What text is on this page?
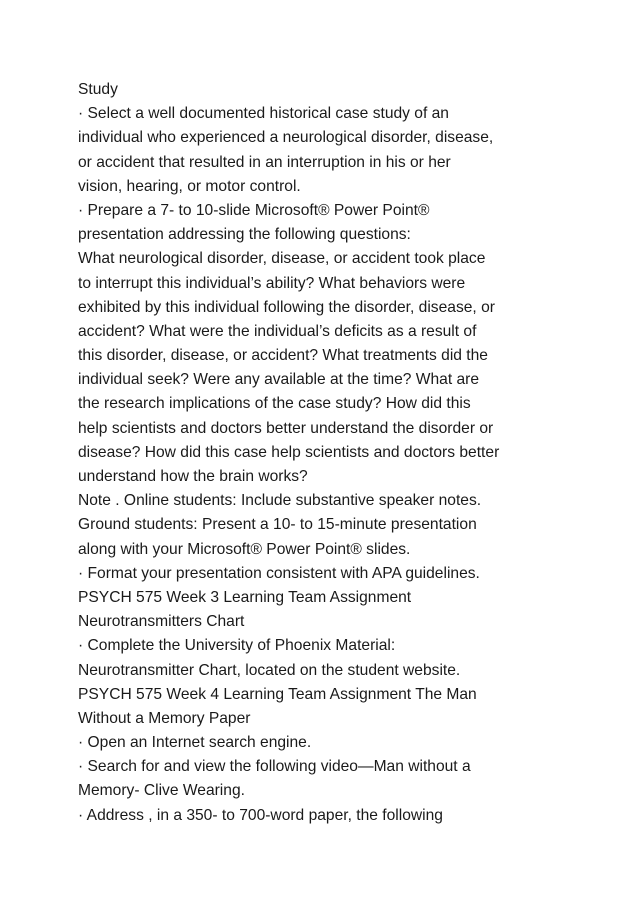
Study
· Select a well documented historical case study of an
individual who experienced a neurological disorder, disease,
or accident that resulted in an interruption in his or her
vision, hearing, or motor control.
· Prepare a 7- to 10-slide Microsoft® Power Point®
presentation addressing the following questions:
What neurological disorder, disease, or accident took place
to interrupt this individual’s ability? What behaviors were
exhibited by this individual following the disorder, disease, or
accident? What were the individual’s deficits as a result of
this disorder, disease, or accident? What treatments did the
individual seek? Were any available at the time? What are
the research implications of the case study? How did this
help scientists and doctors better understand the disorder or
disease? How did this case help scientists and doctors better
understand how the brain works?
Note . Online students: Include substantive speaker notes.
Ground students: Present a 10- to 15-minute presentation
along with your Microsoft® Power Point® slides.
· Format your presentation consistent with APA guidelines.
PSYCH 575 Week 3 Learning Team Assignment
Neurotransmitters Chart
· Complete the University of Phoenix Material:
Neurotransmitter Chart, located on the student website.
PSYCH 575 Week 4 Learning Team Assignment The Man
Without a Memory Paper
· Open an Internet search engine.
· Search for and view the following video—Man without a
Memory- Clive Wearing.
· Address , in a 350- to 700-word paper, the following
